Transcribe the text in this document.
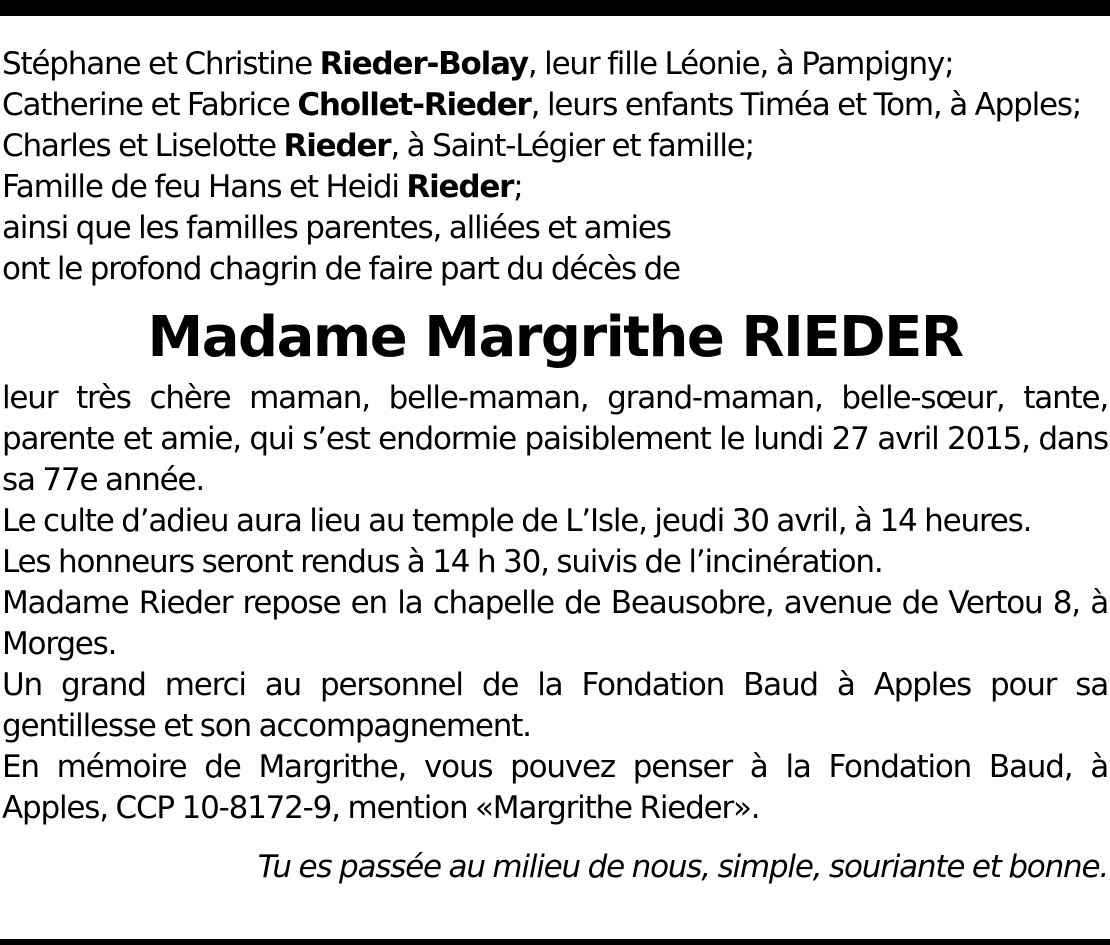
Stéphane et Christine Rieder-Bolay, leur fille Léonie, à Pampigny;
Catherine et Fabrice Chollet-Rieder, leurs enfants Timéa et Tom, à Apples;
Charles et Liselotte Rieder, à Saint-Légier et famille;
Famille de feu Hans et Heidi Rieder;
ainsi que les familles parentes, alliées et amies
ont le profond chagrin de faire part du décès de
Madame Margrithe RIEDER

leur très chère maman, belle-maman, grand-maman, belle-sœur, tante, parente et amie, qui s’est endormie paisiblement le lundi 27 avril 2015, dans sa 77e année.

Le culte d’adieu aura lieu au temple de L’Isle, jeudi 30 avril, à 14 heures.

Les honneurs seront rendus à 14 h 30, suivis de l’incinération.

Madame Rieder repose en la chapelle de Beausobre, avenue de Vertou 8, à Morges.

Un grand merci au personnel de la Fondation Baud à Apples pour sa gentillesse et son accompagnement.

En mémoire de Margrithe, vous pouvez penser à la Fondation Baud, à Apples, CCP 10-8172-9, mention «Margrithe Rieder».

Tu es passée au milieu de nous, simple, souriante et bonne.
